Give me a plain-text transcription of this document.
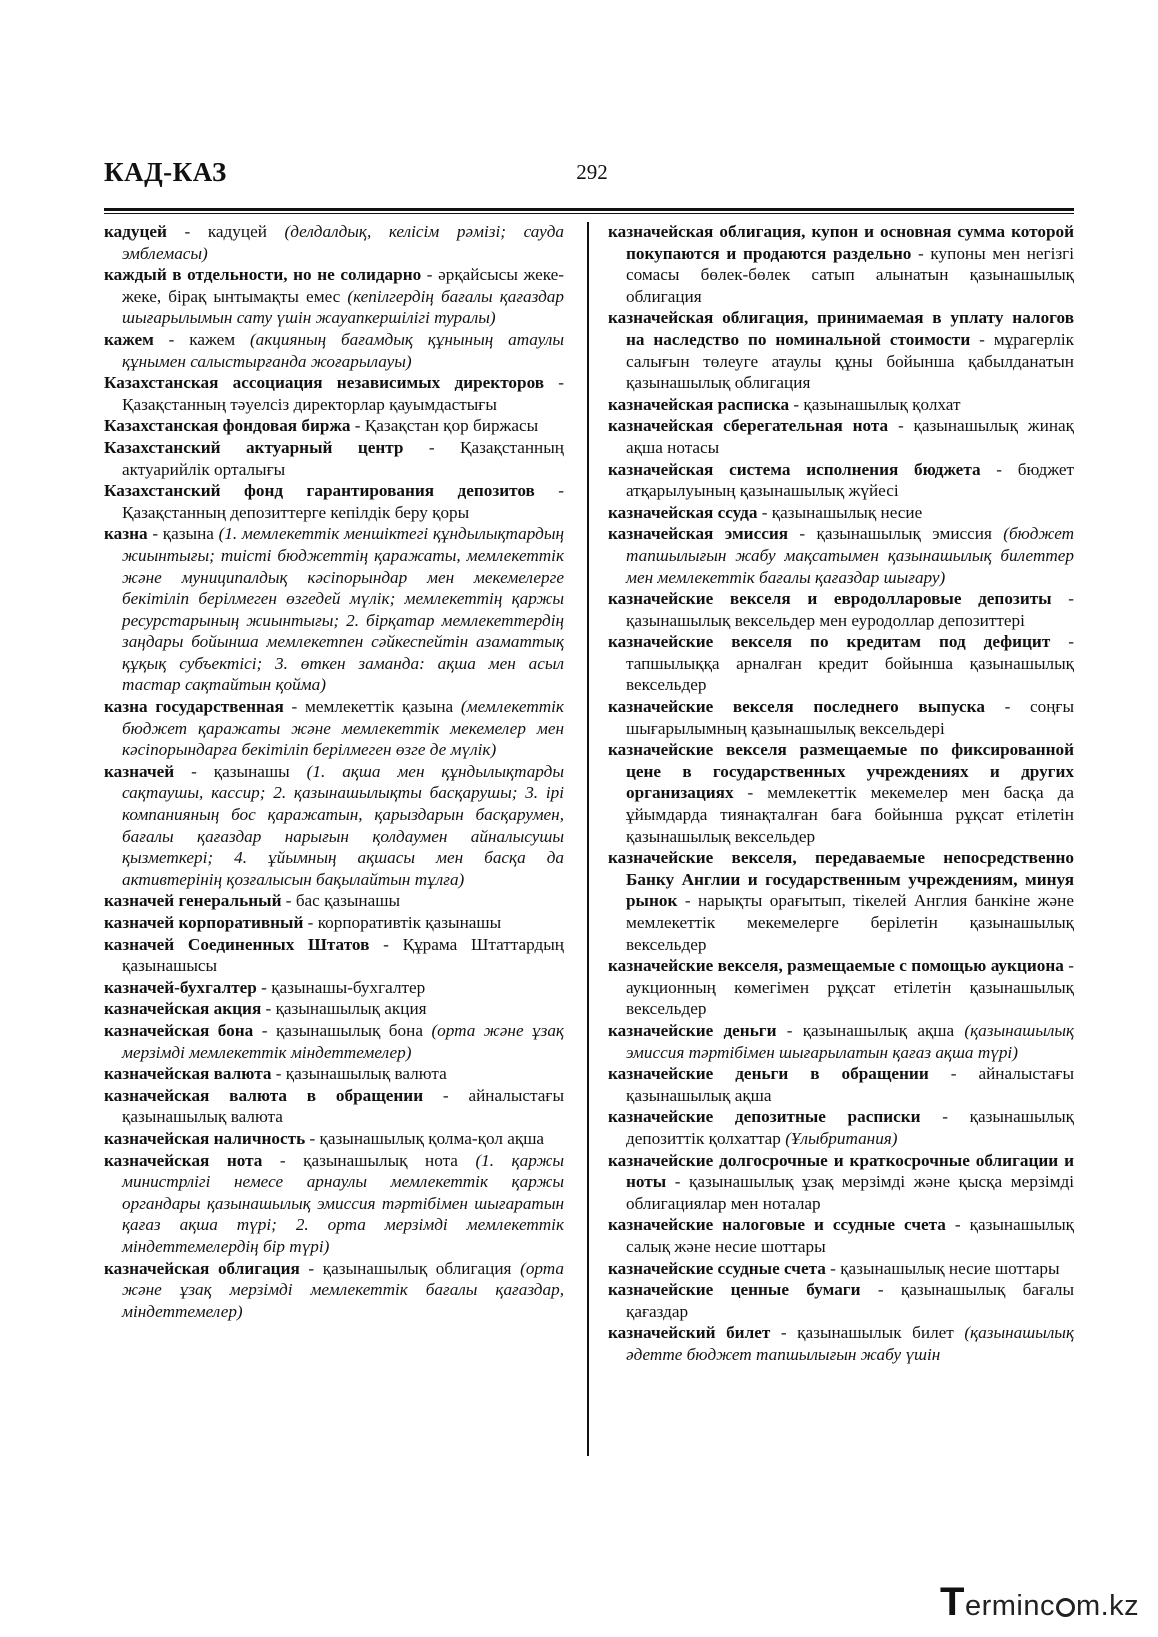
КАД-КАЗ	292

кадуцей - кадуцей (делдалдық, келісім рәмізі; сауда эмблемасы)

каждый в отдельности, но не солидарно - әрқайсысы жеке-жеке, бірақ ынтымақты емес (кепілгердің бағалы қағаздар шығарылымын сату үшін жауапкершілігі туралы)

кажем - кажем (акцияның бағамдық құнының атаулы құнымен салыстырғанда жоғарылауы)

Казахстанская ассоциация независимых директоров - Қазақстанның тәуелсіз директорлар қауымдастығы

Казахстанская фондовая биржа - Қазақстан қор биржасы

Казахстанский актуарный центр - Қазақстанның актуарийлік орталығы

Казахстанский фонд гарантирования депозитов - Қазақстанның депозиттерге кепілдік беру қоры

казна - қазына (1. мемлекеттік меншіктегі құндылықтардың жиынтығы; тиісті бюджеттің қаражаты, мемлекеттік және муниципалдық кәсіпорындар мен мекемелерге бекітіліп берілмеген өзгедей мүлік; мемлекеттің қаржы ресурстарының жиынтығы; 2. бірқатар мемлекеттердің заңдары бойынша мемлекетпен сәйкеспейтін азаматтық құқық субъектісі; 3. өткен заманда: ақша мен асыл тастар сақтайтын қойма)

казна государственная - мемлекеттік қазына (мемлекеттік бюджет қаражаты және мемлекеттік мекемелер мен кәсіпорындарға бекітіліп берілмеген өзге де мүлік)

казначей - қазынашы (1. ақша мен құндылықтарды сақтаушы, кассир; 2. қазынашылықты басқарушы; 3. ірі компанияның бос қаражатын, қарыздарын басқарумен, бағалы қағаздар нарығын қолдаумен айналысушы қызметкері; 4. ұйымның ақшасы мен басқа да активтерінің қозғалысын бақылайтын тұлға)

казначей генеральный - бас қазынашы

казначей корпоративный - корпоративтік қазынашы

казначей Соединенных Штатов - Құрама Штаттардың қазынашысы

казначей-бухгалтер - қазынашы-бухгалтер

казначейская акция - қазынашылық акция

казначейская бона - қазынашылық бона (орта және ұзақ мерзімді мемлекеттік міндеттемелер)

казначейская валюта - қазынашылық валюта

казначейская валюта в обращении - айналыстағы қазынашылық валюта

казначейская наличность - қазынашылық қолма-қол ақша

казначейская нота - қазынашылық нота (1. қаржы министрлігі немесе арнаулы мемлекеттік қаржы органдары қазынашылық эмиссия тәртібімен шығаратын қағаз ақша түрі; 2. орта мерзімді мемлекеттік міндеттемелердің бір түрі)

казначейская облигация - қазынашылық облигация (орта және ұзақ мерзімді мемлекеттік бағалы қағаздар, міндеттемелер)

казначейская облигация, купон и основная сумма которой покупаются и продаются раздельно - купоны мен негізгі сомасы бөлек-бөлек сатып алынатын қазынашылық облигация

казначейская облигация, принимаемая в уплату налогов на наследство по номинальной стоимости - мұрагерлік салығын төлеуге атаулы құны бойынша қабылданатын қазынашылық облигация

казначейская расписка - қазынашылық қолхат

казначейская сберегательная нота - қазынашылық жинақ ақша нотасы

казначейская система исполнения бюджета - бюджет атқарылуының қазынашылық жүйесі

казначейская ссуда - қазынашылық несие

казначейская эмиссия - қазынашылық эмиссия (бюджет тапшылығын жабу мақсатымен қазынашылық билеттер мен мемлекеттік бағалы қағаздар шығару)

казначейские векселя и евродолларовые депозиты - қазынашылық вексельдер мен еуродоллар депозиттері

казначейские векселя по кредитам под дефицит - тапшылыққа арналған кредит бойынша қазынашылық вексельдер

казначейские векселя последнего выпуска - соңғы шығарылымның қазынашылық вексельдері

казначейские векселя размещаемые по фиксированной цене в государственных учреждениях и других организациях - мемлекеттік мекемелер мен басқа да ұйымдарда тиянақталған баға бойынша рұқсат етілетін қазынашылық вексельдер

казначейские векселя, передаваемые непосредственно Банку Англии и государственным учреждениям, минуя рынок - нарықты орағытып, тікелей Англия банкіне және мемлекеттік мекемелерге берілетін қазынашылық вексельдер

казначейские векселя, размещаемые с помощью аукциона - аукционның көмегімен рұқсат етілетін қазынашылық вексельдер

казначейские деньги - қазынашылық ақша (қазынашылық эмиссия тәртібімен шығарылатын қағаз ақша түрі)

казначейские деньги в обращении - айналыстағы қазынашылық ақша

казначейские депозитные расписки - қазынашылық депозиттік қолхаттар (Ұлыбритания)

казначейские долгосрочные и краткосрочные облигации и ноты - қазынашылық ұзақ мерзімді және қысқа мерзімді облигациялар мен ноталар

казначейские налоговые и ссудные счета - қазынашылық салық және несие шоттары

казначейские ссудные счета - қазынашылық несие шоттары

казначейские ценные бумаги - қазынашылық бағалы қағаздар

казначейский билет - қазынашылык билет (қазынашылық әдетте бюджет тапшылығын жабу үшін

Terminc m.kz
